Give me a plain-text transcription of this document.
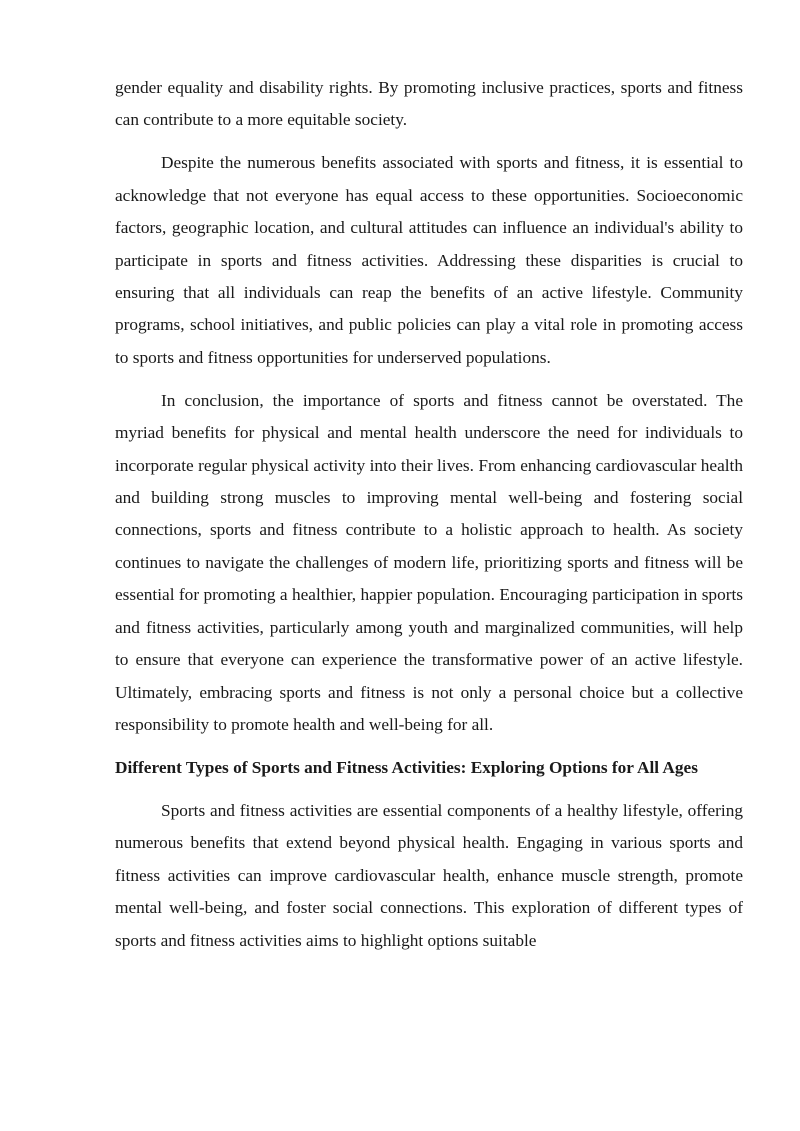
gender equality and disability rights. By promoting inclusive practices, sports and fitness can contribute to a more equitable society.

Despite the numerous benefits associated with sports and fitness, it is essential to acknowledge that not everyone has equal access to these opportunities. Socioeconomic factors, geographic location, and cultural attitudes can influence an individual's ability to participate in sports and fitness activities. Addressing these disparities is crucial to ensuring that all individuals can reap the benefits of an active lifestyle. Community programs, school initiatives, and public policies can play a vital role in promoting access to sports and fitness opportunities for underserved populations.

In conclusion, the importance of sports and fitness cannot be overstated. The myriad benefits for physical and mental health underscore the need for individuals to incorporate regular physical activity into their lives. From enhancing cardiovascular health and building strong muscles to improving mental well-being and fostering social connections, sports and fitness contribute to a holistic approach to health. As society continues to navigate the challenges of modern life, prioritizing sports and fitness will be essential for promoting a healthier, happier population. Encouraging participation in sports and fitness activities, particularly among youth and marginalized communities, will help to ensure that everyone can experience the transformative power of an active lifestyle. Ultimately, embracing sports and fitness is not only a personal choice but a collective responsibility to promote health and well-being for all.

Different Types of Sports and Fitness Activities: Exploring Options for All Ages

Sports and fitness activities are essential components of a healthy lifestyle, offering numerous benefits that extend beyond physical health. Engaging in various sports and fitness activities can improve cardiovascular health, enhance muscle strength, promote mental well-being, and foster social connections. This exploration of different types of sports and fitness activities aims to highlight options suitable
